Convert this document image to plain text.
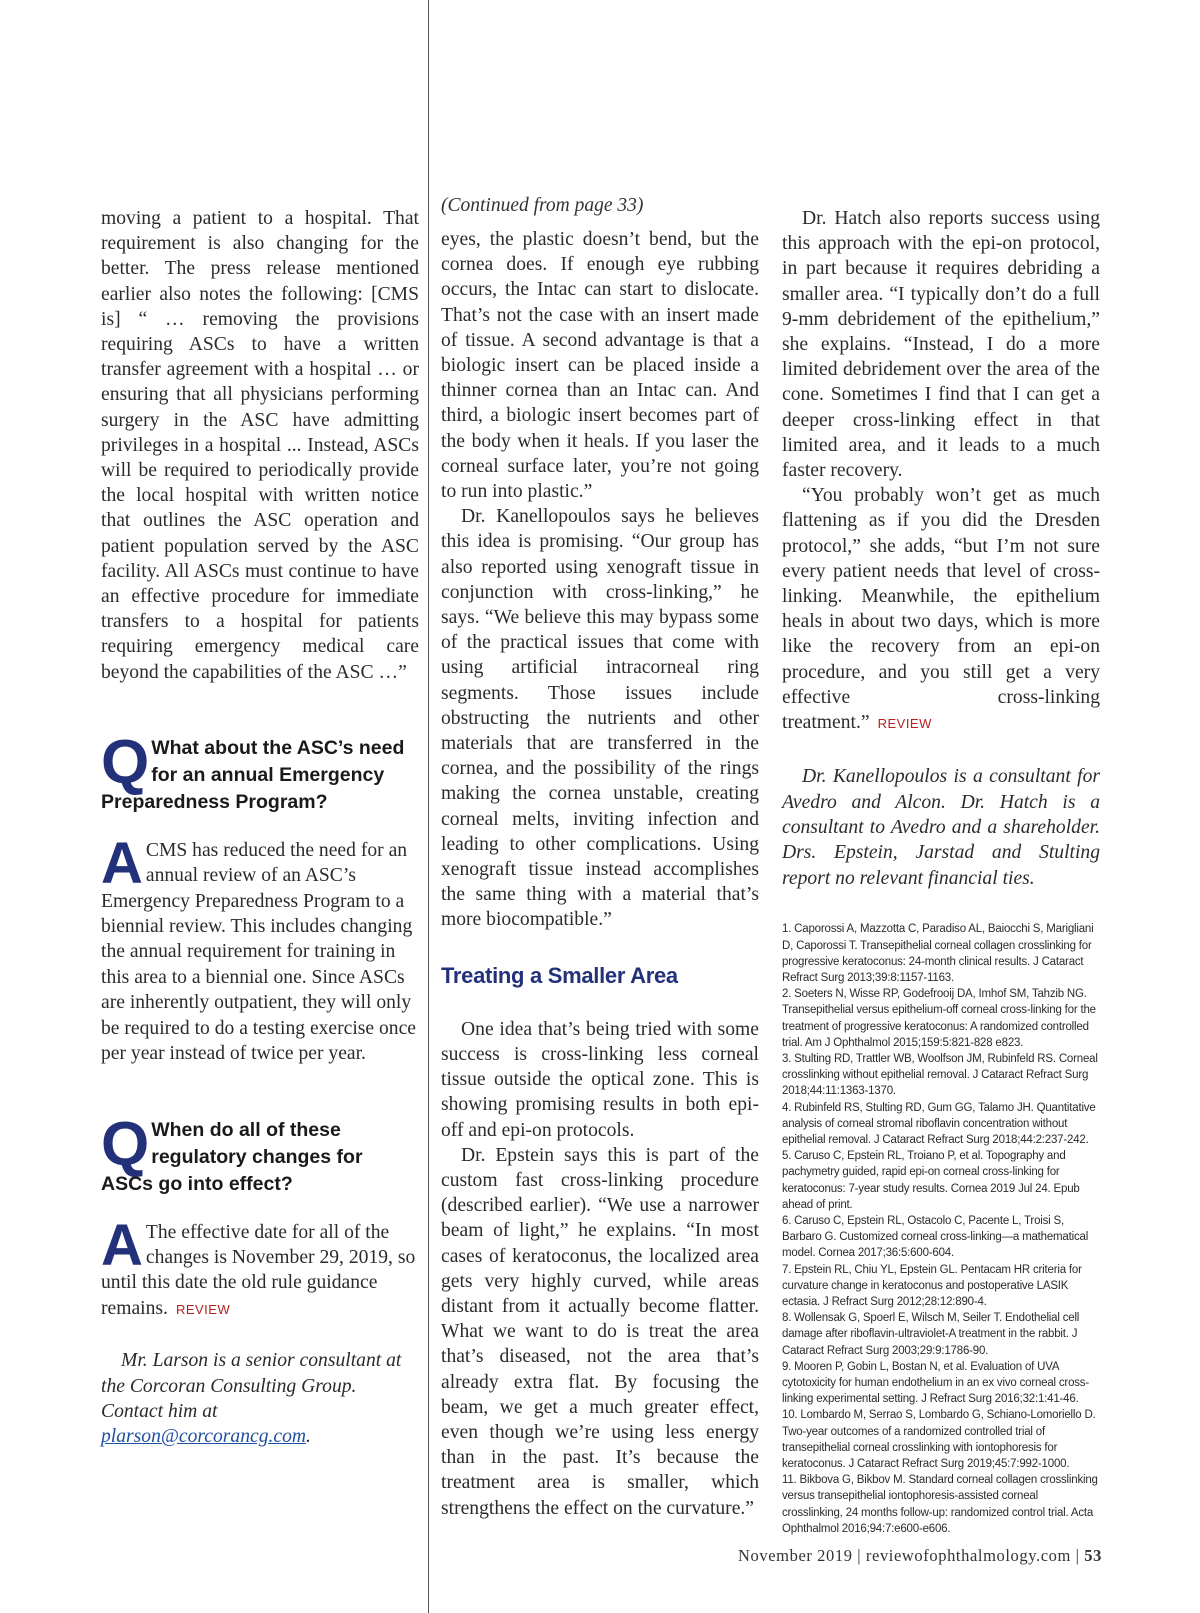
moving a patient to a hospital. That requirement is also changing for the better. The press release mentioned earlier also notes the following: [CMS is] “ … removing the provisions requiring ASCs to have a written transfer agreement with a hospital … or ensuring that all physicians performing surgery in the ASC have admitting privileges in a hospital ... Instead, ASCs will be required to periodically provide the local hospital with written notice that outlines the ASC operation and patient population served by the ASC facility. All ASCs must continue to have an effective procedure for immediate transfers to a hospital for patients requiring emergency medical care beyond the capabilities of the ASC …”

Q What about the ASC’s need for an annual Emergency Preparedness Program?
A CMS has reduced the need for an annual review of an ASC’s Emergency Preparedness Program to a biennial review. This includes changing the annual requirement for training in this area to a biennial one. Since ASCs are inherently outpatient, they will only be required to do a testing exercise once per year instead of twice per year.
Q When do all of these regulatory changes for ASCs go into effect?
A The effective date for all of the changes is November 29, 2019, so until this date the old rule guidance remains. REVIEW

Mr. Larson is a senior consultant at the Corcoran Consulting Group. Contact him at plarson@corcorancg.com.

(Continued from page 33)

eyes, the plastic doesn’t bend, but the cornea does. If enough eye rubbing occurs, the Intac can start to dislocate. That’s not the case with an insert made of tissue. A second advantage is that a biologic insert can be placed inside a thinner cornea than an Intac can. And third, a biologic insert becomes part of the body when it heals. If you laser the corneal surface later, you’re not going to run into plastic.”

Dr. Kanellopoulos says he believes this idea is promising. “Our group has also reported using xenograft tissue in conjunction with cross-linking,” he says. “We believe this may bypass some of the practical issues that come with using artificial intracorneal ring segments. Those issues include obstructing the nutrients and other materials that are transferred in the cornea, and the possibility of the rings making the cornea unstable, creating corneal melts, inviting infection and leading to other complications. Using xenograft tissue instead accomplishes the same thing with a material that’s more biocompatible.”

Treating a Smaller Area

One idea that’s being tried with some success is cross-linking less corneal tissue outside the optical zone. This is showing promising results in both epi-off and epi-on protocols.

Dr. Epstein says this is part of the custom fast cross-linking procedure (described earlier). “We use a narrower beam of light,” he explains. “In most cases of keratoconus, the localized area gets very highly curved, while areas distant from it actually become flatter. What we want to do is treat the area that’s diseased, not the area that’s already extra flat. By focusing the beam, we get a much greater effect, even though we’re using less energy than in the past. It’s because the treatment area is smaller, which strengthens the effect on the curvature.”

Dr. Hatch also reports success using this approach with the epi-on protocol, in part because it requires debriding a smaller area. “I typically don’t do a full 9-mm debridement of the epithelium,” she explains. “Instead, I do a more limited debridement over the area of the cone. Sometimes I find that I can get a deeper cross-linking effect in that limited area, and it leads to a much faster recovery.

“You probably won’t get as much flattening as if you did the Dresden protocol,” she adds, “but I’m not sure every patient needs that level of cross-linking. Meanwhile, the epithelium heals in about two days, which is more like the recovery from an epi-on procedure, and you still get a very effective cross-linking treatment.” REVIEW

Dr. Kanellopoulos is a consultant for Avedro and Alcon. Dr. Hatch is a consultant to Avedro and a shareholder. Drs. Epstein, Jarstad and Stulting report no relevant financial ties.

1. Caporossi A, Mazzotta C, Paradiso AL, Baiocchi S, Marigliani D, Caporossi T. Transepithelial corneal collagen crosslinking for progressive keratoconus: 24-month clinical results. J Cataract Refract Surg 2013;39:8:1157-1163.
2. Soeters N, Wisse RP, Godefrooij DA, Imhof SM, Tahzib NG. Transepithelial versus epithelium-off corneal cross-linking for the treatment of progressive keratoconus: A randomized controlled trial. Am J Ophthalmol 2015;159:5:821-828 e823.
3. Stulting RD, Trattler WB, Woolfson JM, Rubinfeld RS. Corneal crosslinking without epithelial removal. J Cataract Refract Surg 2018;44:11:1363-1370.
4. Rubinfeld RS, Stulting RD, Gum GG, Talamo JH. Quantitative analysis of corneal stromal riboflavin concentration without epithelial removal. J Cataract Refract Surg 2018;44:2:237-242.
5. Caruso C, Epstein RL, Troiano P, et al. Topography and pachymetry guided, rapid epi-on corneal cross-linking for keratoconus: 7-year study results. Cornea 2019 Jul 24. Epub ahead of print.
6. Caruso C, Epstein RL, Ostacolo C, Pacente L, Troisi S, Barbaro G. Customized corneal cross-linking—a mathematical model. Cornea 2017;36:5:600-604.
7. Epstein RL, Chiu YL, Epstein GL. Pentacam HR criteria for curvature change in keratoconus and postoperative LASIK ectasia. J Refract Surg 2012;28:12:890-4.
8. Wollensak G, Spoerl E, Wilsch M, Seiler T. Endothelial cell damage after riboflavin-ultraviolet-A treatment in the rabbit. J Cataract Refract Surg 2003;29:9:1786-90.
9. Mooren P, Gobin L, Bostan N, et al. Evaluation of UVA cytotoxicity for human endothelium in an ex vivo corneal cross-linking experimental setting. J Refract Surg 2016;32:1:41-46.
10. Lombardo M, Serrao S, Lombardo G, Schiano-Lomoriello D. Two-year outcomes of a randomized controlled trial of transepithelial corneal crosslinking with iontophoresis for keratoconus. J Cataract Refract Surg 2019;45:7:992-1000.
11. Bikbova G, Bikbov M. Standard corneal collagen crosslinking versus transepithelial iontophoresis-assisted corneal crosslinking, 24 months follow-up: randomized control trial. Acta Ophthalmol 2016;94:7:e600-e606.
November 2019 | reviewofophthalmology.com | 53
